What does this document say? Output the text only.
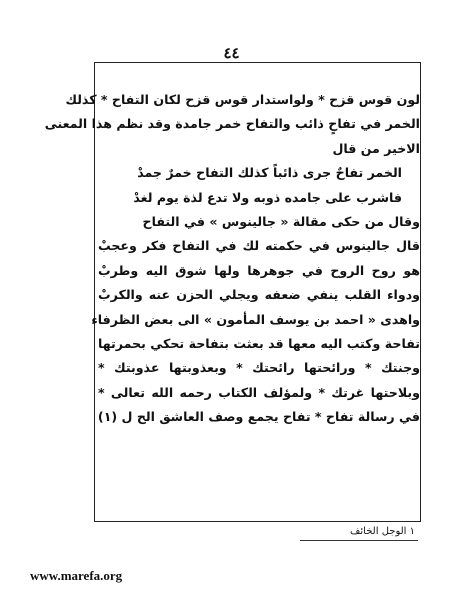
٤٤
لون قوس قزح * ولواستدار قوس قزح لكان التفاح * كذلك
الخمر في تفاحٍ ذائب والتفاح خمر جامدة وقد نظم هذا المعنى
الاخير من قال
الخمر تفاحٌ جرى ذائباً كذلك التفاح خمرٌ جمدْ
فاشرب على جامده ذوبه ولا تدع لذة يوم لغدْ
وقال من حكى مقالة « جالينوس » في التفاح
قال جالينوس في حكمته لك في التفاح فكر وعجبْ
هو روح الروح في جوهرها ولها شوق اليه وطربْ
ودواء القلب ينفي ضعفه ويجلي الحزن عنه والكربْ
واهدى « احمد بن يوسف المأمون » الى بعض الظرفاء
تفاحة وكتب اليه معها قد بعثت بتفاحة تحكي بحمرتها
وجنتك * ورائحتها رائحتك * وبعذوبتها عذوبتك *
وبلاحتها غرتك * ولمؤلف الكتاب رحمه الله تعالى *
في رسالة تفاح * تفاح يجمع وصف العاشق الح ل (١)
١ الوجل الخائف
www.marefa.org
